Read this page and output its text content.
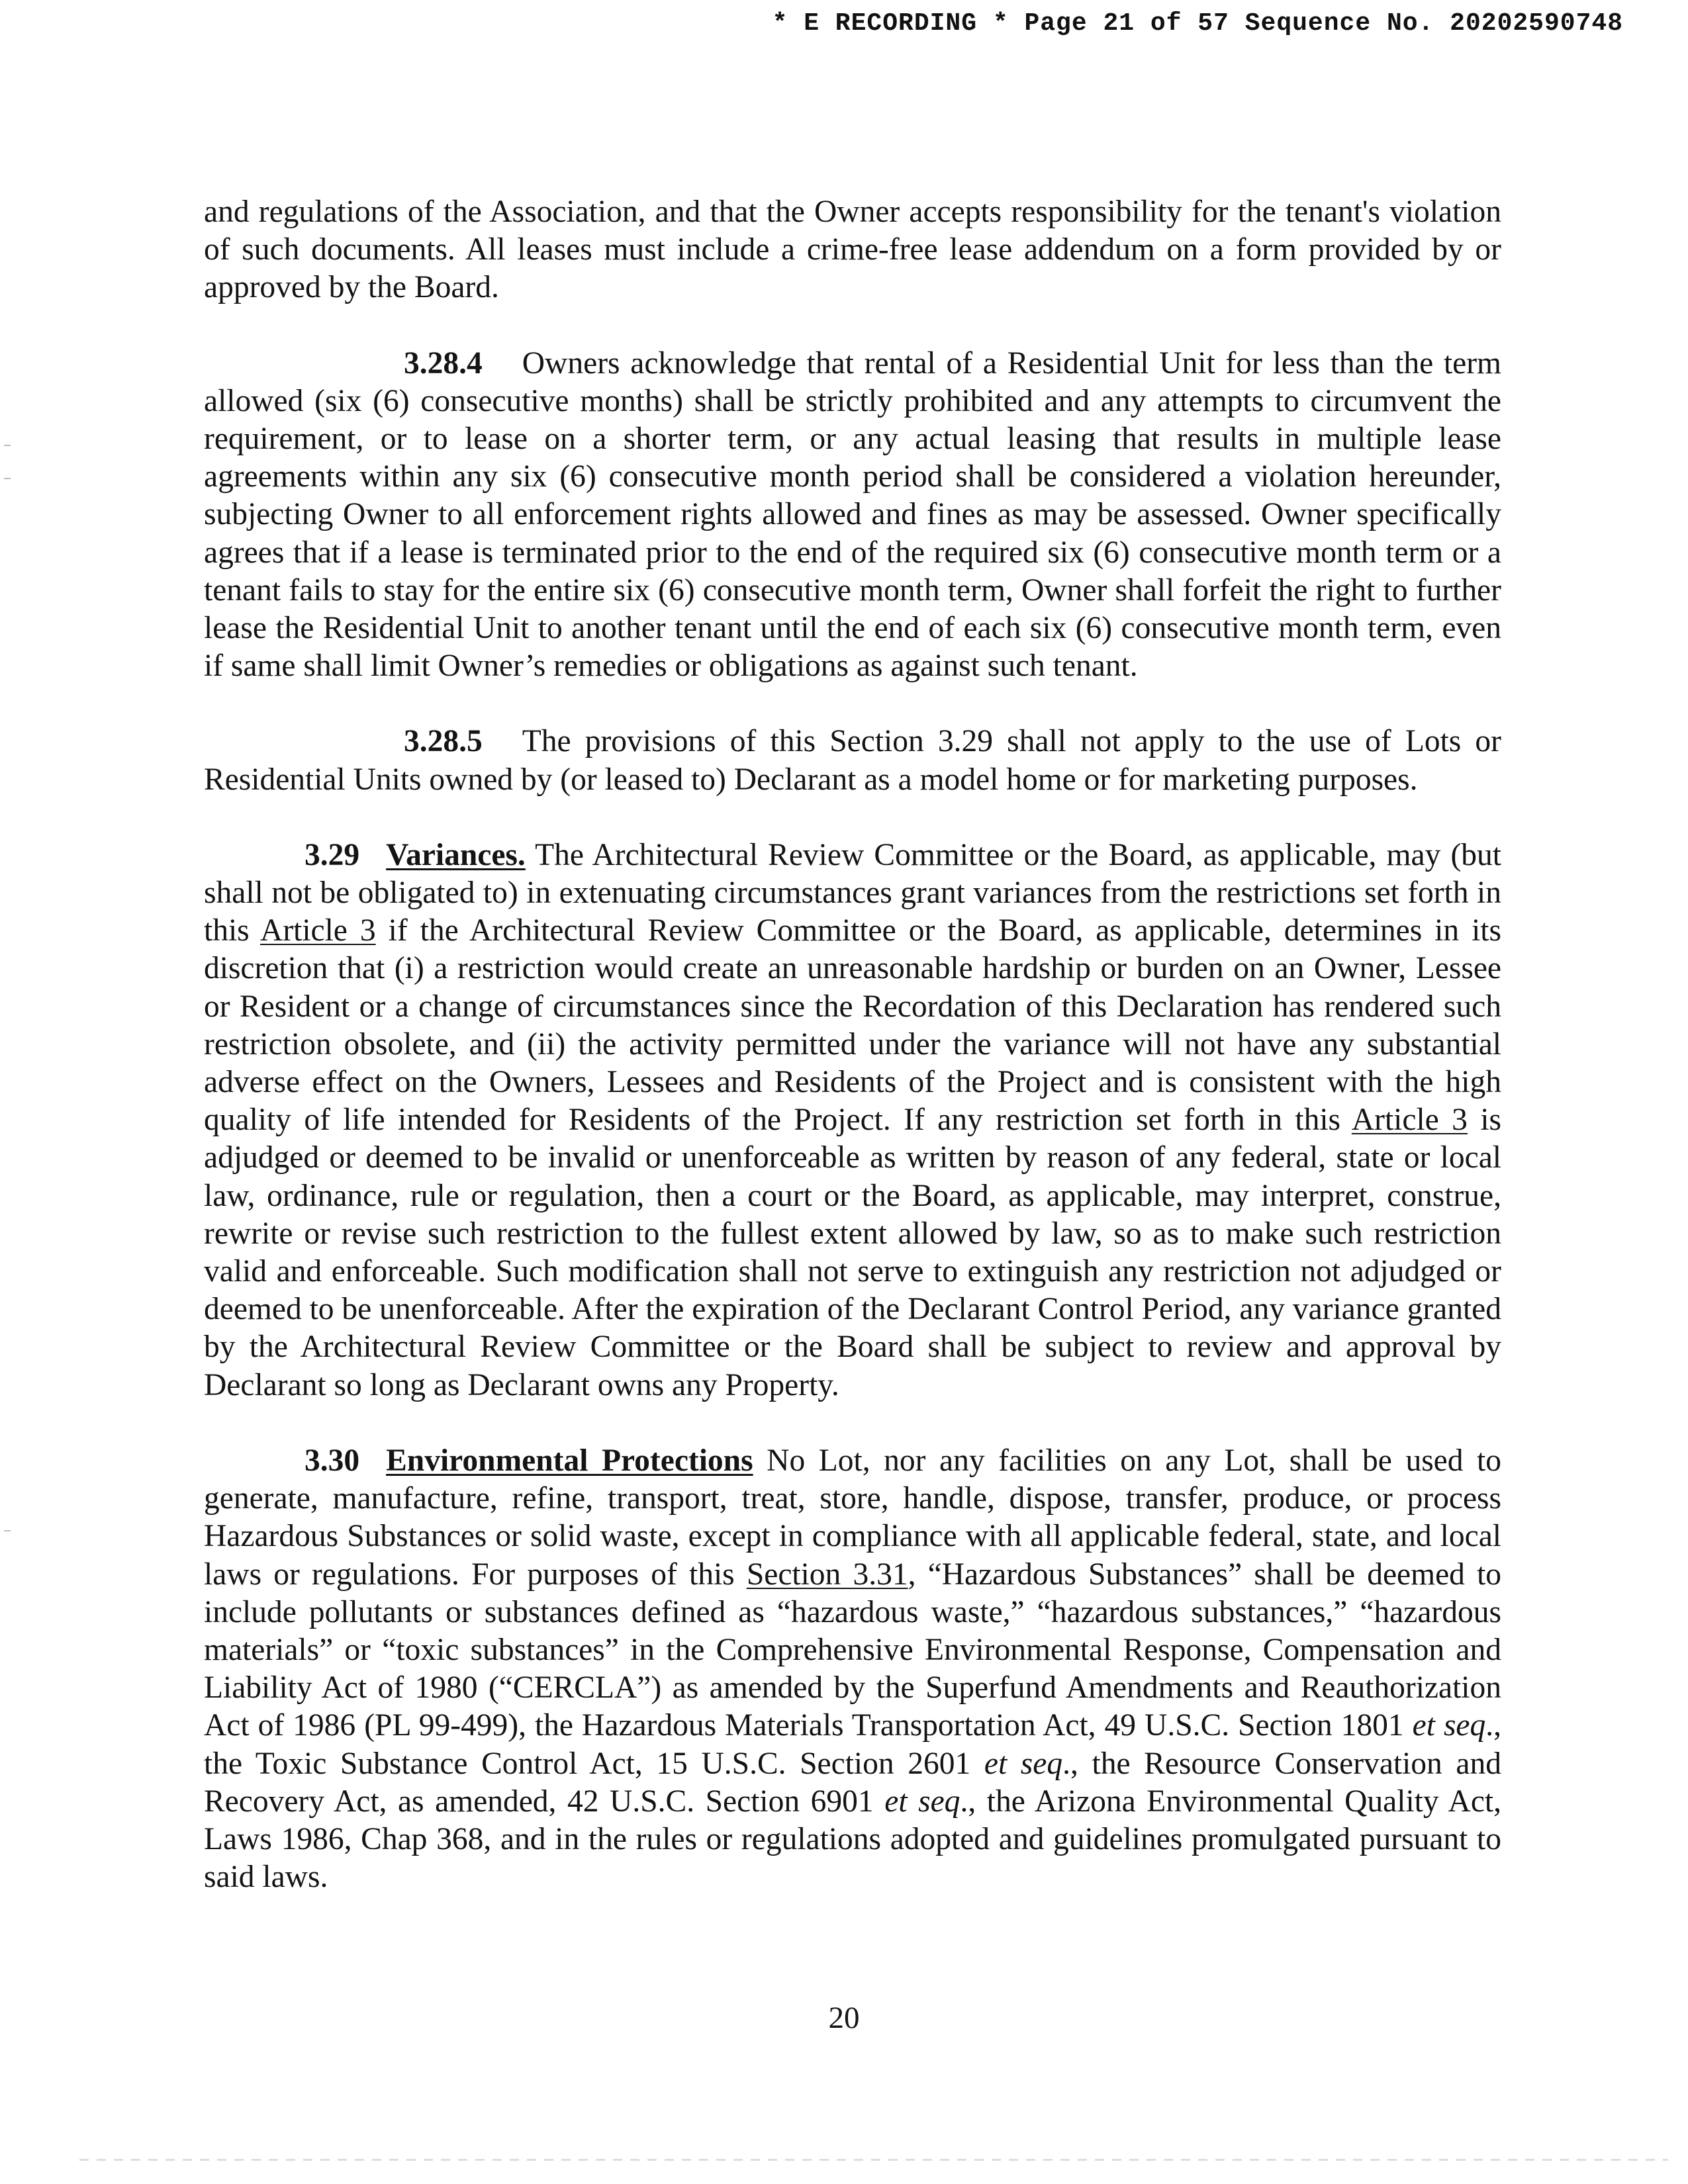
* E RECORDING * Page 21 of 57 Sequence No. 20202590748

and regulations of the Association, and that the Owner accepts responsibility for the tenant's violation of such documents. All leases must include a crime-free lease addendum on a form provided by or approved by the Board.

3.28.4 Owners acknowledge that rental of a Residential Unit for less than the term allowed (six (6) consecutive months) shall be strictly prohibited and any attempts to circumvent the requirement, or to lease on a shorter term, or any actual leasing that results in multiple lease agreements within any six (6) consecutive month period shall be considered a violation hereunder, subjecting Owner to all enforcement rights allowed and fines as may be assessed. Owner specifically agrees that if a lease is terminated prior to the end of the required six (6) consecutive month term or a tenant fails to stay for the entire six (6) consecutive month term, Owner shall forfeit the right to further lease the Residential Unit to another tenant until the end of each six (6) consecutive month term, even if same shall limit Owner’s remedies or obligations as against such tenant.

3.28.5 The provisions of this Section 3.29 shall not apply to the use of Lots or Residential Units owned by (or leased to) Declarant as a model home or for marketing purposes.

3.29 Variances. The Architectural Review Committee or the Board, as applicable, may (but shall not be obligated to) in extenuating circumstances grant variances from the restrictions set forth in this Article 3 if the Architectural Review Committee or the Board, as applicable, determines in its discretion that (i) a restriction would create an unreasonable hardship or burden on an Owner, Lessee or Resident or a change of circumstances since the Recordation of this Declaration has rendered such restriction obsolete, and (ii) the activity permitted under the variance will not have any substantial adverse effect on the Owners, Lessees and Residents of the Project and is consistent with the high quality of life intended for Residents of the Project. If any restriction set forth in this Article 3 is adjudged or deemed to be invalid or unenforceable as written by reason of any federal, state or local law, ordinance, rule or regulation, then a court or the Board, as applicable, may interpret, construe, rewrite or revise such restriction to the fullest extent allowed by law, so as to make such restriction valid and enforceable. Such modification shall not serve to extinguish any restriction not adjudged or deemed to be unenforceable. After the expiration of the Declarant Control Period, any variance granted by the Architectural Review Committee or the Board shall be subject to review and approval by Declarant so long as Declarant owns any Property.

3.30 Environmental Protections No Lot, nor any facilities on any Lot, shall be used to generate, manufacture, refine, transport, treat, store, handle, dispose, transfer, produce, or process Hazardous Substances or solid waste, except in compliance with all applicable federal, state, and local laws or regulations. For purposes of this Section 3.31, “Hazardous Substances” shall be deemed to include pollutants or substances defined as “hazardous waste,” “hazardous substances,” “hazardous materials” or “toxic substances” in the Comprehensive Environmental Response, Compensation and Liability Act of 1980 (“CERCLA”) as amended by the Superfund Amendments and Reauthorization Act of 1986 (PL 99-499), the Hazardous Materials Transportation Act, 49 U.S.C. Section 1801 et seq., the Toxic Substance Control Act, 15 U.S.C. Section 2601 et seq., the Resource Conservation and Recovery Act, as amended, 42 U.S.C. Section 6901 et seq., the Arizona Environmental Quality Act, Laws 1986, Chap 368, and in the rules or regulations adopted and guidelines promulgated pursuant to said laws.

20
